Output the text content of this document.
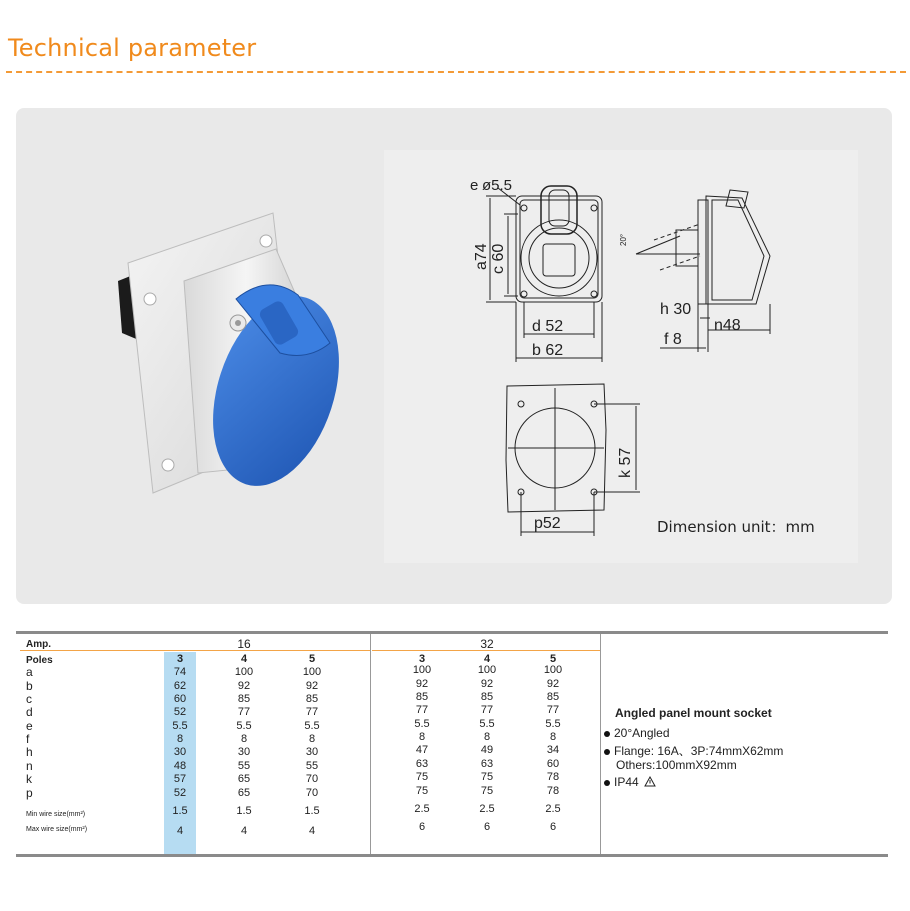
Technical parameter
e ø5.5
a74 c 60
d 52
b 62
20°
h 30
n48
f 8
k 57
p52	Dimension unit：mm
Amp.	16	32
Poles	3	4	5	3	4	5
a	74	100	100	100	100	100
b	62	92	92	92	92	92
c	60	85	85	85	85	85
d	52	77	77	77	77	77
e	5.5	5.5	5.5	5.5	5.5	5.5
f	8	8	8	8	8	8
h	30	30	30	47	49	34
n	48	55	55	63	63	60
k	57	65	70	75	75	78
p	52	65	70	75	75	78
Min wire size(mm²)	1.5	1.5	1.5	2.5	2.5	2.5
Max wire size(mm²)	4	4	4	6	6	6
Angled panel mount socket
20°Angled
Flange: 16A、3P:74mmX62mm
Others:100mmX92mm
IP44
